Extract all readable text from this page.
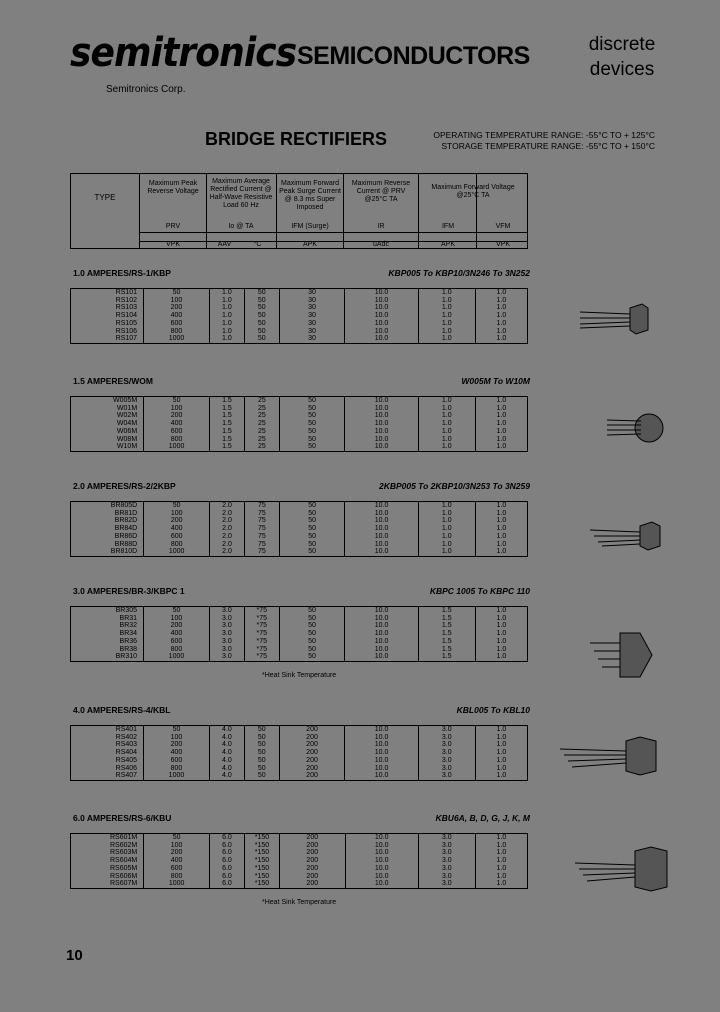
semitronics
Semitronics Corp.
SEMICONDUCTORS	discrete
devices
BRIDGE RECTIFIERS	OPERATING TEMPERATURE RANGE: -55°C TO + 125°C
STORAGE TEMPERATURE RANGE: -55°C TO + 150°C
TYPE
Maximum Peak Reverse Voltage
Maximum Average Rectified Current @ Half-Wave Resistive Load 60 Hz
Maximum Forward Peak Surge Current @ 8.3 ms Super Imposed
Maximum Reverse Current @ PRV @25°C TA
Maximum Forward Voltage @25°C TA
PRV	Io @ TA	IFM (Surge)	IR	IFM	VFM
VPK	AAV	°C	APK	uAdc	APK	VPK
1.0 AMPERES/RS-1/KBP	KBP005 To KBP10/3N246 To 3N252
RS101	50	1.0	50	30	10.0	1.0	1.0
RS102	100	1.0	50	30	10.0	1.0	1.0
RS103	200	1.0	50	30	10.0	1.0	1.0
RS104	400	1.0	50	30	10.0	1.0	1.0
RS105	600	1.0	50	30	10.0	1.0	1.0
RS106	800	1.0	50	30	10.0	1.0	1.0
RS107	1000	1.0	50	30	10.0	1.0	1.0
1.5 AMPERES/WOM	W005M To W10M
W005M	50	1.5	25	50	10.0	1.0	1.0
W01M	100	1.5	25	50	10.0	1.0	1.0
W02M	200	1.5	25	50	10.0	1.0	1.0
W04M	400	1.5	25	50	10.0	1.0	1.0
W06M	600	1.5	25	50	10.0	1.0	1.0
W08M	800	1.5	25	50	10.0	1.0	1.0
W10M	1000	1.5	25	50	10.0	1.0	1.0
2.0 AMPERES/RS-2/2KBP	2KBP005 To 2KBP10/3N253 To 3N259
BR805D	50	2.0	75	50	10.0	1.0	1.0
BR81D	100	2.0	75	50	10.0	1.0	1.0
BR82D	200	2.0	75	50	10.0	1.0	1.0
BR84D	400	2.0	75	50	10.0	1.0	1.0
BR86D	600	2.0	75	50	10.0	1.0	1.0
BR88D	800	2.0	75	50	10.0	1.0	1.0
BR810D	1000	2.0	75	50	10.0	1.0	1.0
3.0 AMPERES/BR-3/KBPC 1	KBPC 1005 To KBPC 110
BR305	50	3.0	*75	50	10.0	1.5	1.0
BR31	100	3.0	*75	50	10.0	1.5	1.0
BR32	200	3.0	*75	50	10.0	1.5	1.0
BR34	400	3.0	*75	50	10.0	1.5	1.0
BR36	600	3.0	*75	50	10.0	1.5	1.0
BR38	800	3.0	*75	50	10.0	1.5	1.0
BR310	1000	3.0	*75	50	10.0	1.5	1.0
*Heat Sink Temperature
4.0 AMPERES/RS-4/KBL	KBL005 To KBL10
RS401	50	4.0	50	200	10.0	3.0	1.0
RS402	100	4.0	50	200	10.0	3.0	1.0
RS403	200	4.0	50	200	10.0	3.0	1.0
RS404	400	4.0	50	200	10.0	3.0	1.0
RS405	600	4.0	50	200	10.0	3.0	1.0
RS406	800	4.0	50	200	10.0	3.0	1.0
RS407	1000	4.0	50	200	10.0	3.0	1.0
6.0 AMPERES/RS-6/KBU	KBU6A, B, D, G, J, K, M
RS601M	50	6.0	*150	200	10.0	3.0	1.0
RS602M	100	6.0	*150	200	10.0	3.0	1.0
RS603M	200	6.0	*150	200	10.0	3.0	1.0
RS604M	400	6.0	*150	200	10.0	3.0	1.0
RS605M	600	6.0	*150	200	10.0	3.0	1.0
RS606M	800	6.0	*150	200	10.0	3.0	1.0
RS607M	1000	6.0	*150	200	10.0	3.0	1.0
*Heat Sink Temperature
10
